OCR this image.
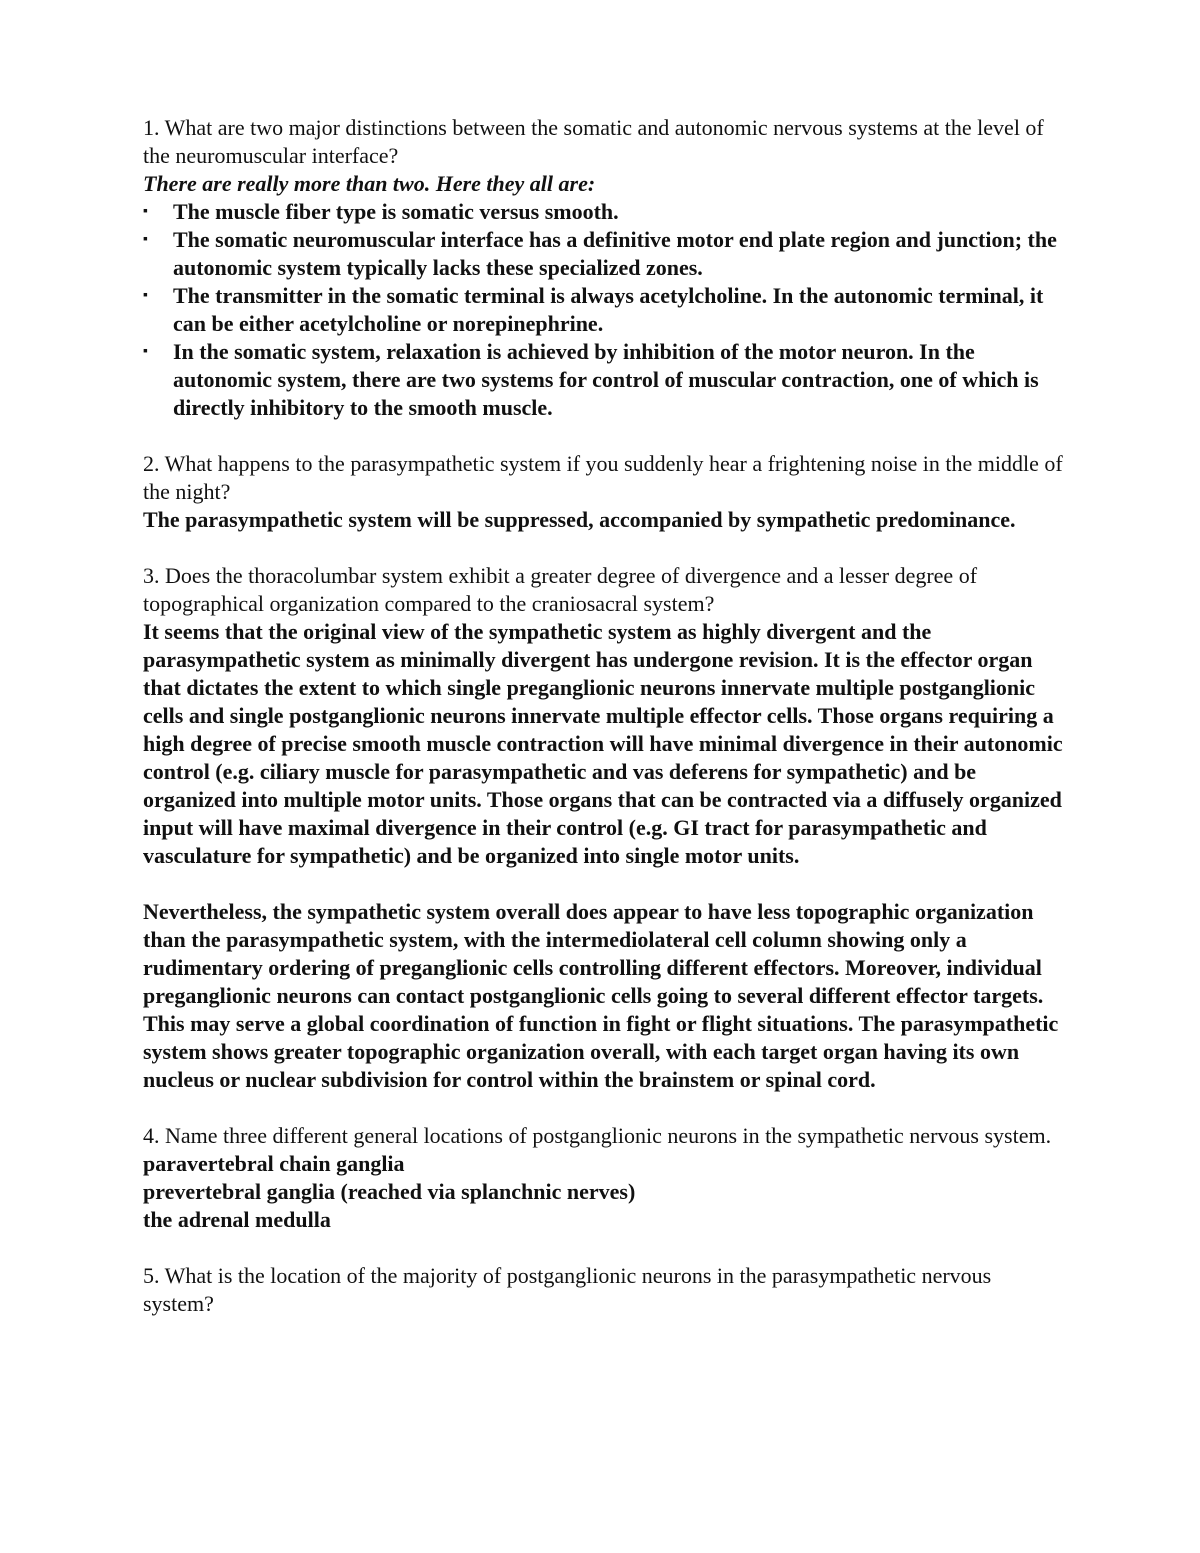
1. What are two major distinctions between the somatic and autonomic nervous systems at the level of the neuromuscular interface?

There are really more than two. Here they all are:

▪ The muscle fiber type is somatic versus smooth.
▪ The somatic neuromuscular interface has a definitive motor end plate region and junction; the autonomic system typically lacks these specialized zones.
▪ The transmitter in the somatic terminal is always acetylcholine. In the autonomic terminal, it can be either acetylcholine or norepinephrine.
▪ In the somatic system, relaxation is achieved by inhibition of the motor neuron. In the autonomic system, there are two systems for control of muscular contraction, one of which is directly inhibitory to the smooth muscle.

2. What happens to the parasympathetic system if you suddenly hear a frightening noise in the middle of the night?

The parasympathetic system will be suppressed, accompanied by sympathetic predominance.

3. Does the thoracolumbar system exhibit a greater degree of divergence and a lesser degree of topographical organization compared to the craniosacral system?

It seems that the original view of the sympathetic system as highly divergent and the parasympathetic system as minimally divergent has undergone revision. It is the effector organ that dictates the extent to which single preganglionic neurons innervate multiple postganglionic cells and single postganglionic neurons innervate multiple effector cells. Those organs requiring a high degree of precise smooth muscle contraction will have minimal divergence in their autonomic control (e.g. ciliary muscle for parasympathetic and vas deferens for sympathetic) and be organized into multiple motor units. Those organs that can be contracted via a diffusely organized input will have maximal divergence in their control (e.g. GI tract for parasympathetic and vasculature for sympathetic) and be organized into single motor units.

Nevertheless, the sympathetic system overall does appear to have less topographic organization than the parasympathetic system, with the intermediolateral cell column showing only a rudimentary ordering of preganglionic cells controlling different effectors. Moreover, individual preganglionic neurons can contact postganglionic cells going to several different effector targets. This may serve a global coordination of function in fight or flight situations. The parasympathetic system shows greater topographic organization overall, with each target organ having its own nucleus or nuclear subdivision for control within the brainstem or spinal cord.

4. Name three different general locations of postganglionic neurons in the sympathetic nervous system.

paravertebral chain ganglia

prevertebral ganglia (reached via splanchnic nerves)

the adrenal medulla

5. What is the location of the majority of postganglionic neurons in the parasympathetic nervous system?
